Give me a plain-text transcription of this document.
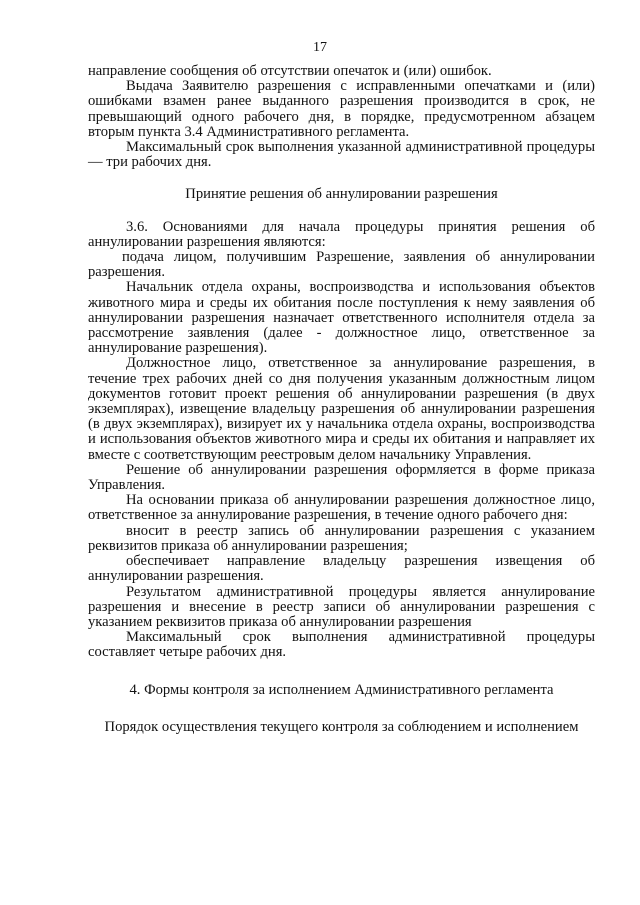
17

направление сообщения об отсутствии опечаток и (или) ошибок.

Выдача Заявителю разрешения с исправленными опечатками и (или) ошибками взамен ранее выданного разрешения производится в срок, не превышающий одного рабочего дня, в порядке, предусмотренном абзацем вторым пункта 3.4 Административного регламента.

Максимальный срок выполнения указанной административной процедуры — три рабочих дня.

Принятие решения об аннулировании разрешения

3.6. Основаниями для начала процедуры принятия решения об аннулировании разрешения являются:

подача лицом, получившим Разрешение, заявления об аннулировании разрешения.

Начальник отдела охраны, воспроизводства и использования объектов животного мира и среды их обитания после поступления к нему заявления об аннулировании разрешения назначает ответственного исполнителя отдела за рассмотрение заявления (далее - должностное лицо, ответственное за аннулирование разрешения).

Должностное лицо, ответственное за аннулирование разрешения, в течение трех рабочих дней со дня получения указанным должностным лицом документов готовит проект решения об аннулировании разрешения (в двух экземплярах), извещение владельцу разрешения об аннулировании разрешения (в двух экземплярах), визирует их у начальника отдела охраны, воспроизводства и использования объектов животного мира и среды их обитания и направляет их вместе с соответствующим реестровым делом начальнику Управления.

Решение об аннулировании разрешения оформляется в форме приказа Управления.

На основании приказа об аннулировании разрешения должностное лицо, ответственное за аннулирование разрешения, в течение одного рабочего дня:

вносит в реестр запись об аннулировании разрешения с указанием реквизитов приказа об аннулировании разрешения;

обеспечивает направление владельцу разрешения извещения об аннулировании разрешения.

Результатом административной процедуры является аннулирование разрешения и внесение в реестр записи об аннулировании разрешения с указанием реквизитов приказа об аннулировании разрешения

Максимальный срок выполнения административной процедуры составляет четыре рабочих дня.

4. Формы контроля за исполнением Административного регламента

Порядок осуществления текущего контроля за соблюдением и исполнением
